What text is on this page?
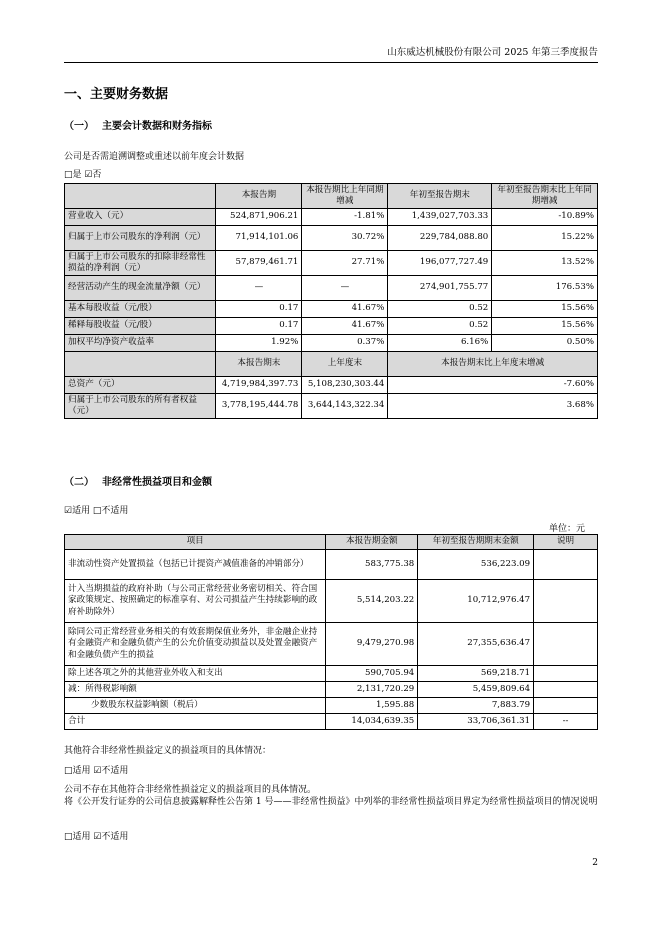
山东威达机械股份有限公司 2025 年第三季度报告
一、主要财务数据
（一） 主要会计数据和财务指标
公司是否需追溯调整或重述以前年度会计数据
□是 ☑否
	本报告期	本报告期比上年同期增减	年初至报告期末	年初至报告期末比上年同期增减
营业收入（元）	524,871,906.21	-1.81%	1,439,027,703.33	-10.89%
归属于上市公司股东的净利润（元）	71,914,101.06	30.72%	229,784,088.80	15.22%
归属于上市公司股东的扣除非经常性损益的净利润（元）	57,879,461.71	27.71%	196,077,727.49	13.52%
经营活动产生的现金流量净额（元）	—	—	274,901,755.77	176.53%
基本每股收益（元/股）	0.17	41.67%	0.52	15.56%
稀释每股收益（元/股）	0.17	41.67%	0.52	15.56%
加权平均净资产收益率	1.92%	0.37%	6.16%	0.50%
	本报告期末	上年度末	本报告期末比上年度末增减	
总资产（元）	4,719,984,397.73	5,108,230,303.44	-7.60%	
归属于上市公司股东的所有者权益（元）	3,778,195,444.78	3,644,143,322.34	3.68%	
（二） 非经常性损益项目和金额
☑适用 □不适用
单位：元
项目	本报告期金额	年初至报告期期末金额	说明
非流动性资产处置损益（包括已计提资产减值准备的冲销部分）	583,775.38	536,223.09	
计入当期损益的政府补助（与公司正常经营业务密切相关、符合国家政策规定、按照确定的标准享有、对公司损益产生持续影响的政府补助除外）	5,514,203.22	10,712,976.47	
除同公司正常经营业务相关的有效套期保值业务外，非金融企业持有金融资产和金融负债产生的公允价值变动损益以及处置金融资产和金融负债产生的损益	9,479,270.98	27,355,636.47	
除上述各项之外的其他营业外收入和支出	590,705.94	569,218.71	
减：所得税影响额	2,131,720.29	5,459,809.64	
少数股东权益影响额（税后）	1,595.88	7,883.79	
合计	14,034,639.35	33,706,361.31	--
其他符合非经常性损益定义的损益项目的具体情况：
□适用 ☑不适用
公司不存在其他符合非经常性损益定义的损益项目的具体情况。
将《公开发行证券的公司信息披露解释性公告第 1 号——非经常性损益》中列举的非经常性损益项目界定为经常性损益项目的情况说明
□适用 ☑不适用
2
